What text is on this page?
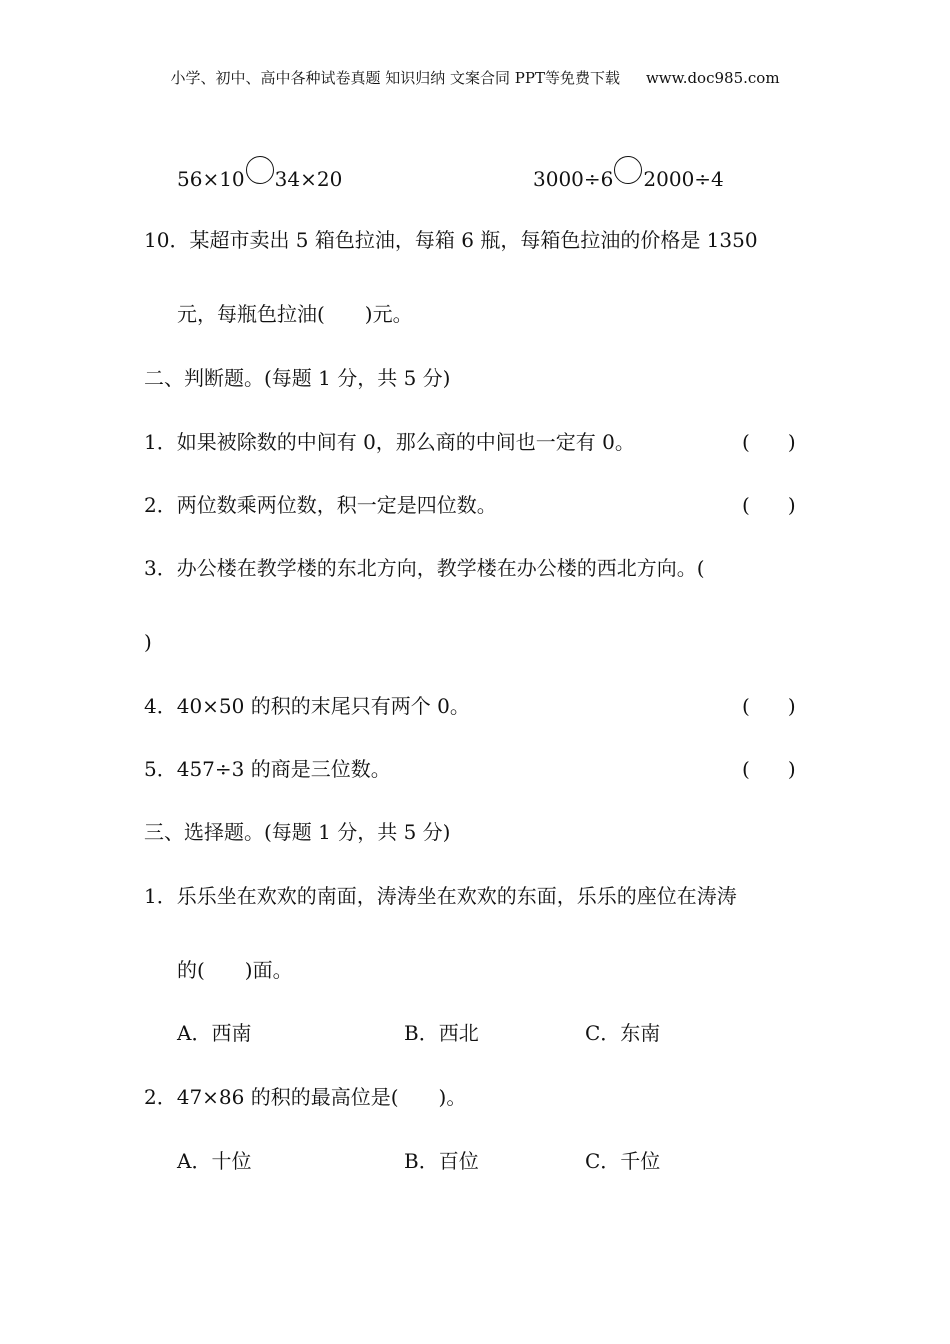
小学、初中、高中各种试卷真题 知识归纳 文案合同 PPT等免费下载 www.doc985.com
56×10 34×20	3000÷6 2000÷4
10．某超市卖出 5 箱色拉油，每箱 6 瓶，每箱色拉油的价格是 1350
元，每瓶色拉油(　　)元。
二、判断题。(每题 1 分，共 5 分)
1．如果被除数的中间有 0，那么商的中间也一定有 0。	( )
2．两位数乘两位数，积一定是四位数。	( )
3．办公楼在教学楼的东北方向，教学楼在办公楼的西北方向。(
)
4．40×50 的积的末尾只有两个 0。	( )
5．457÷3 的商是三位数。	( )
三、选择题。(每题 1 分，共 5 分)
1．乐乐坐在欢欢的南面，涛涛坐在欢欢的东面，乐乐的座位在涛涛
的(　　)面。
A．西南	B．西北	C．东南
2．47×86 的积的最高位是(　　)。
A．十位	B．百位	C．千位
